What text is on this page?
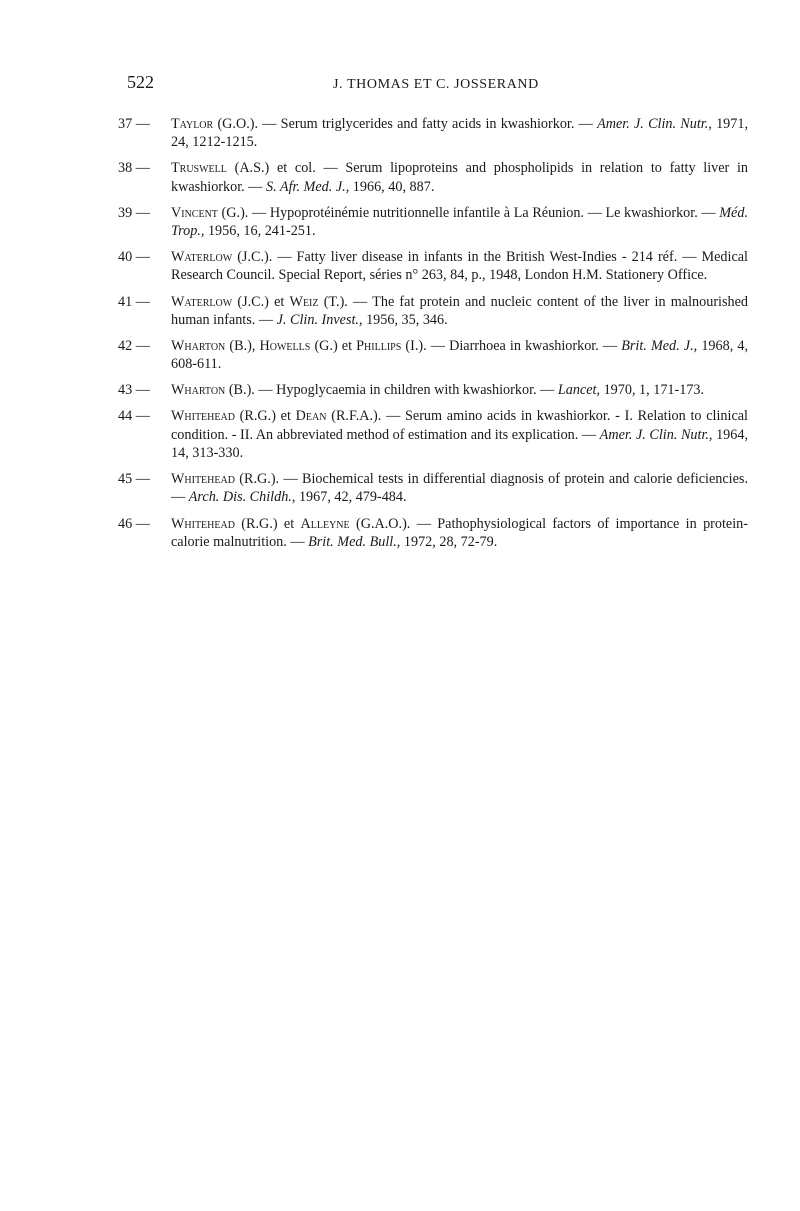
522	J. THOMAS ET C. JOSSERAND
37 —	Taylor (G.O.). — Serum triglycerides and fatty acids in kwashiorkor. — Amer. J. Clin. Nutr., 1971, 24, 1212-1215.
38 —	Truswell (A.S.) et col. — Serum lipoproteins and phospholipids in relation to fatty liver in kwashiorkor. — S. Afr. Med. J., 1966, 40, 887.
39 —	Vincent (G.). — Hypoprotéinémie nutritionnelle infantile à La Réunion. — Le kwashiorkor. — Méd. Trop., 1956, 16, 241-251.
40 —	Waterlow (J.C.). — Fatty liver disease in infants in the British West-Indies - 214 réf. — Medical Research Council. Special Report, séries n° 263, 84, p., 1948, London H.M. Stationery Office.
41 —	Waterlow (J.C.) et Weiz (T.). — The fat protein and nucleic content of the liver in malnourished human infants. — J. Clin. Invest., 1956, 35, 346.
42 —	Wharton (B.), Howells (G.) et Phillips (I.). — Diarrhoea in kwashiorkor. — Brit. Med. J., 1968, 4, 608-611.
43 —	Wharton (B.). — Hypoglycaemia in children with kwashiorkor. — Lancet, 1970, 1, 171-173.
44 —	Whitehead (R.G.) et Dean (R.F.A.). — Serum amino acids in kwashiorkor. - I. Relation to clinical condition. - II. An abbreviated method of estimation and its explication. — Amer. J. Clin. Nutr., 1964, 14, 313-330.
45 —	Whitehead (R.G.). — Biochemical tests in differential diagnosis of protein and calorie deficiencies. — Arch. Dis. Childh., 1967, 42, 479-484.
46 —	Whitehead (R.G.) et Alleyne (G.A.O.). — Pathophysiological factors of importance in protein-calorie malnutrition. — Brit. Med. Bull., 1972, 28, 72-79.
